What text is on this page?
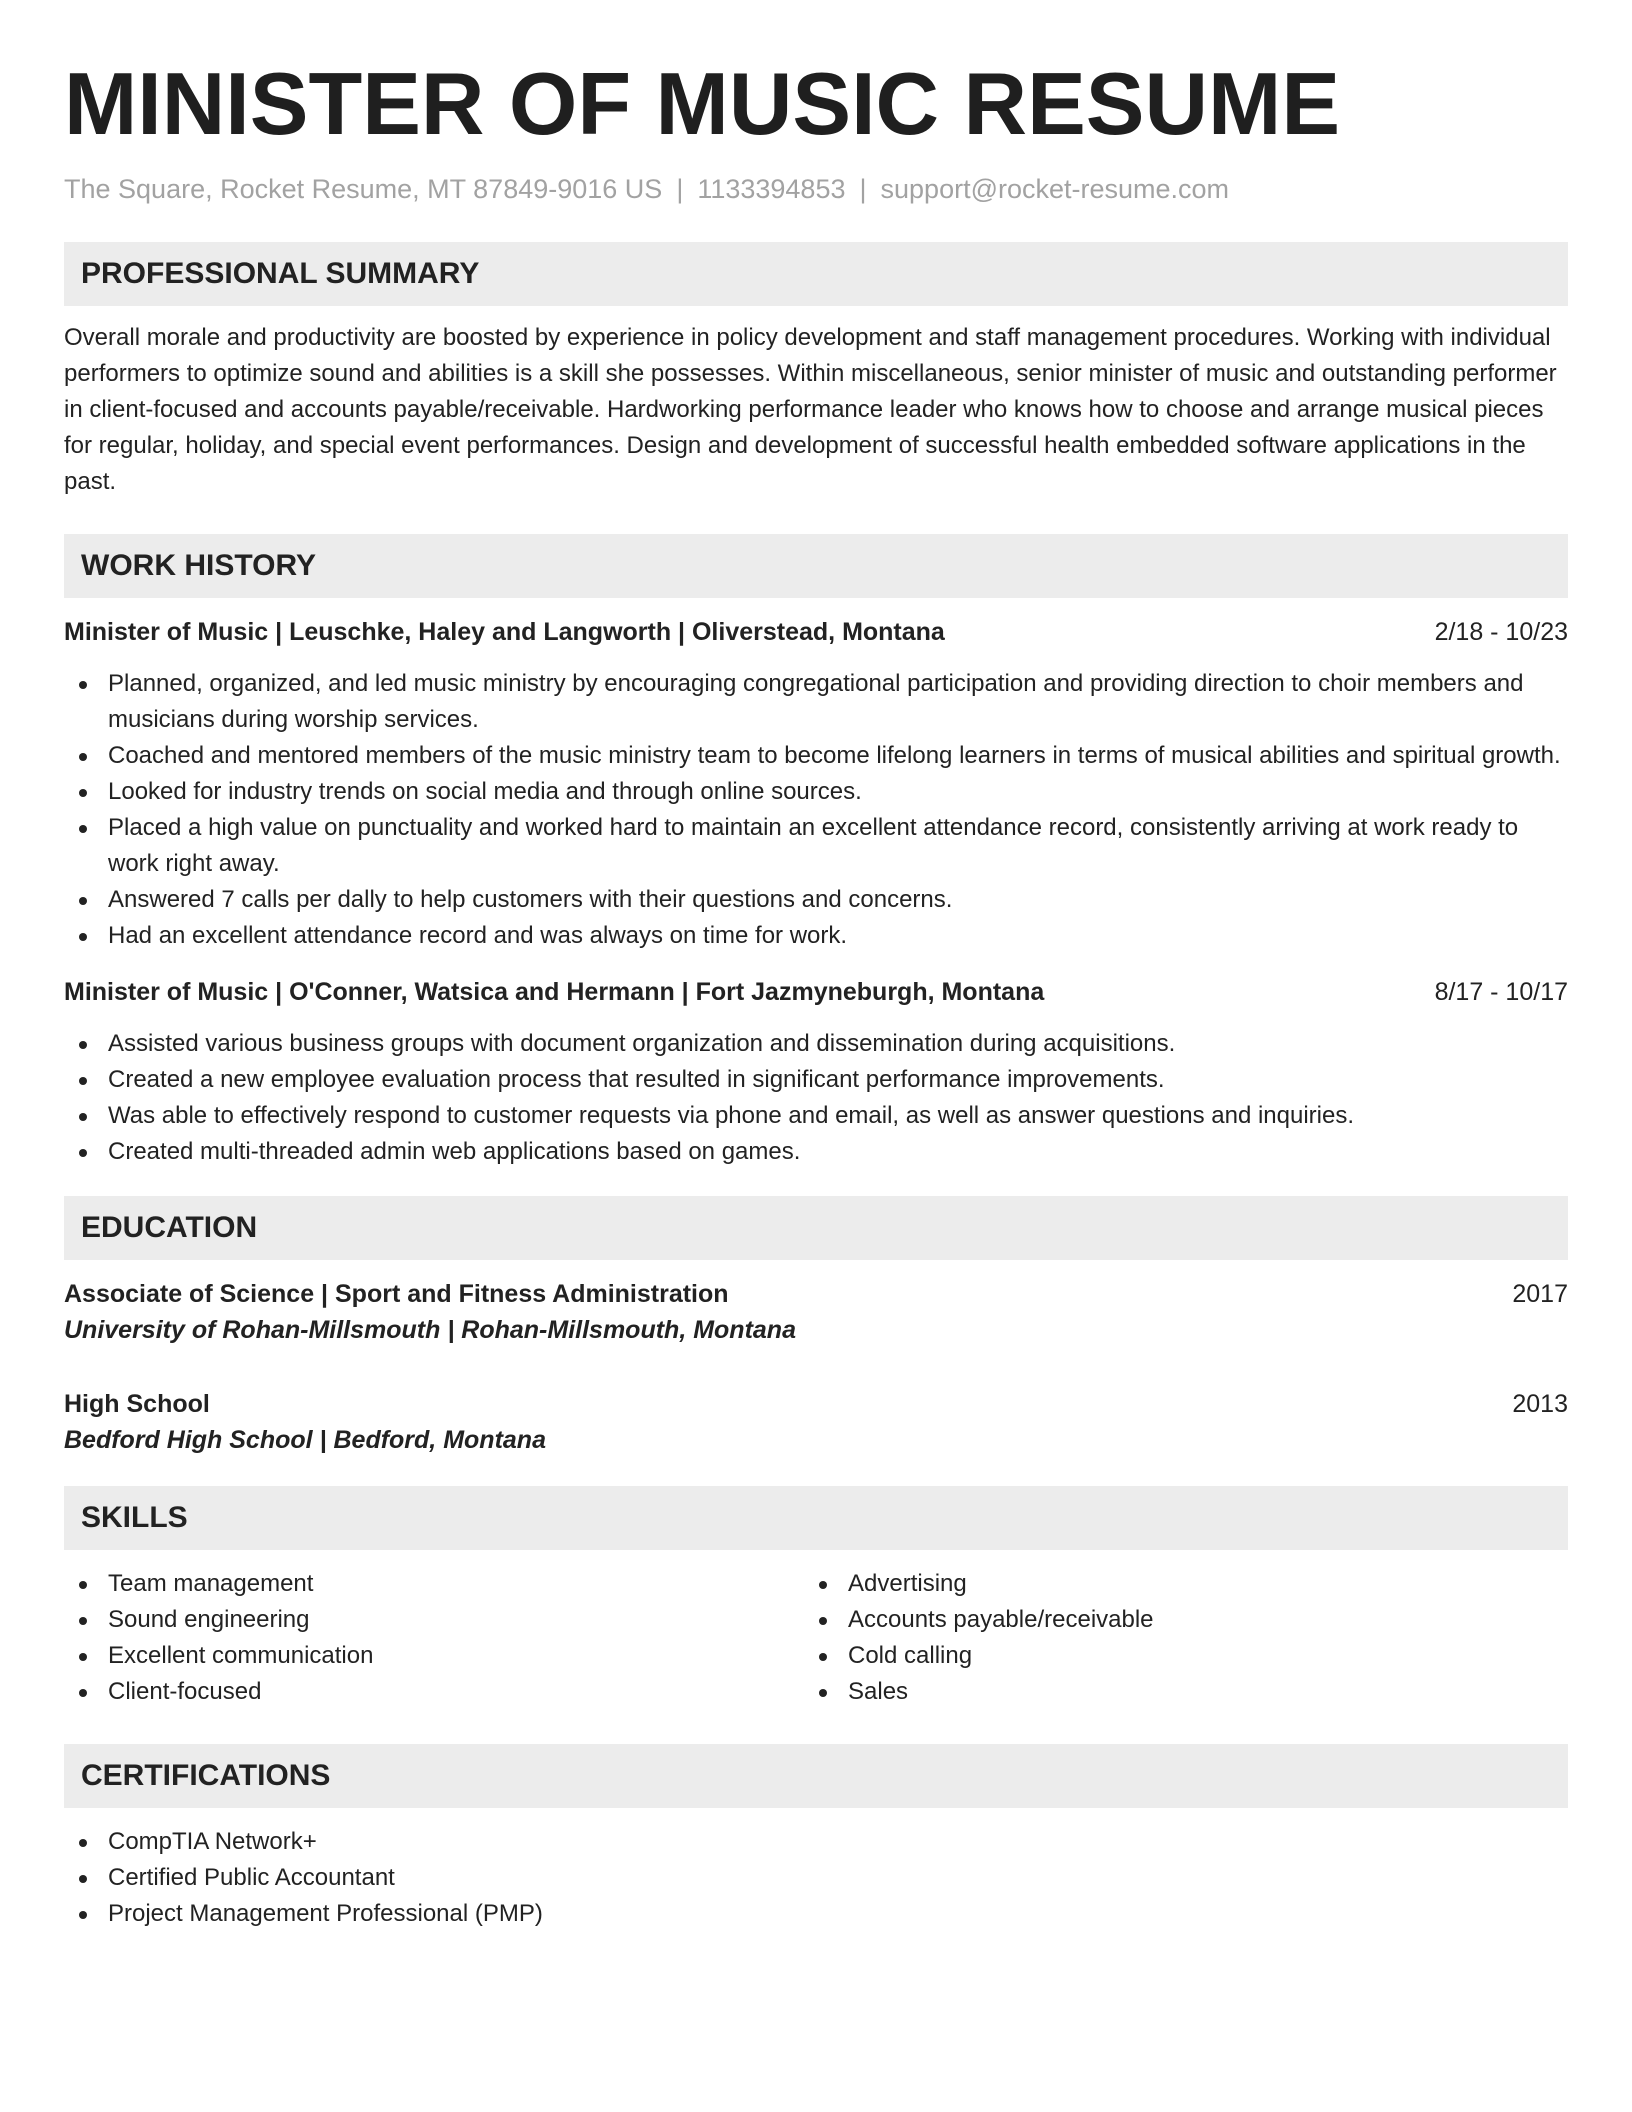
MINISTER OF MUSIC RESUME
The Square, Rocket Resume, MT 87849-9016 US | 1133394853 | support@rocket-resume.com
PROFESSIONAL SUMMARY
Overall morale and productivity are boosted by experience in policy development and staff management procedures. Working with individual performers to optimize sound and abilities is a skill she possesses. Within miscellaneous, senior minister of music and outstanding performer in client-focused and accounts payable/receivable. Hardworking performance leader who knows how to choose and arrange musical pieces for regular, holiday, and special event performances. Design and development of successful health embedded software applications in the past.
WORK HISTORY
Minister of Music | Leuschke, Haley and Langworth | Oliverstead, Montana	2/18 - 10/23
Planned, organized, and led music ministry by encouraging congregational participation and providing direction to choir members and musicians during worship services.
Coached and mentored members of the music ministry team to become lifelong learners in terms of musical abilities and spiritual growth.
Looked for industry trends on social media and through online sources.
Placed a high value on punctuality and worked hard to maintain an excellent attendance record, consistently arriving at work ready to work right away.
Answered 7 calls per dally to help customers with their questions and concerns.
Had an excellent attendance record and was always on time for work.
Minister of Music | O'Conner, Watsica and Hermann | Fort Jazmyneburgh, Montana	8/17 - 10/17
Assisted various business groups with document organization and dissemination during acquisitions.
Created a new employee evaluation process that resulted in significant performance improvements.
Was able to effectively respond to customer requests via phone and email, as well as answer questions and inquiries.
Created multi-threaded admin web applications based on games.
EDUCATION
Associate of Science | Sport and Fitness Administration	2017
University of Rohan-Millsmouth | Rohan-Millsmouth, Montana
High School	2013
Bedford High School | Bedford, Montana
SKILLS
Team management
Sound engineering
Excellent communication
Client-focused
Advertising
Accounts payable/receivable
Cold calling
Sales
CERTIFICATIONS
CompTIA Network+
Certified Public Accountant
Project Management Professional (PMP)
